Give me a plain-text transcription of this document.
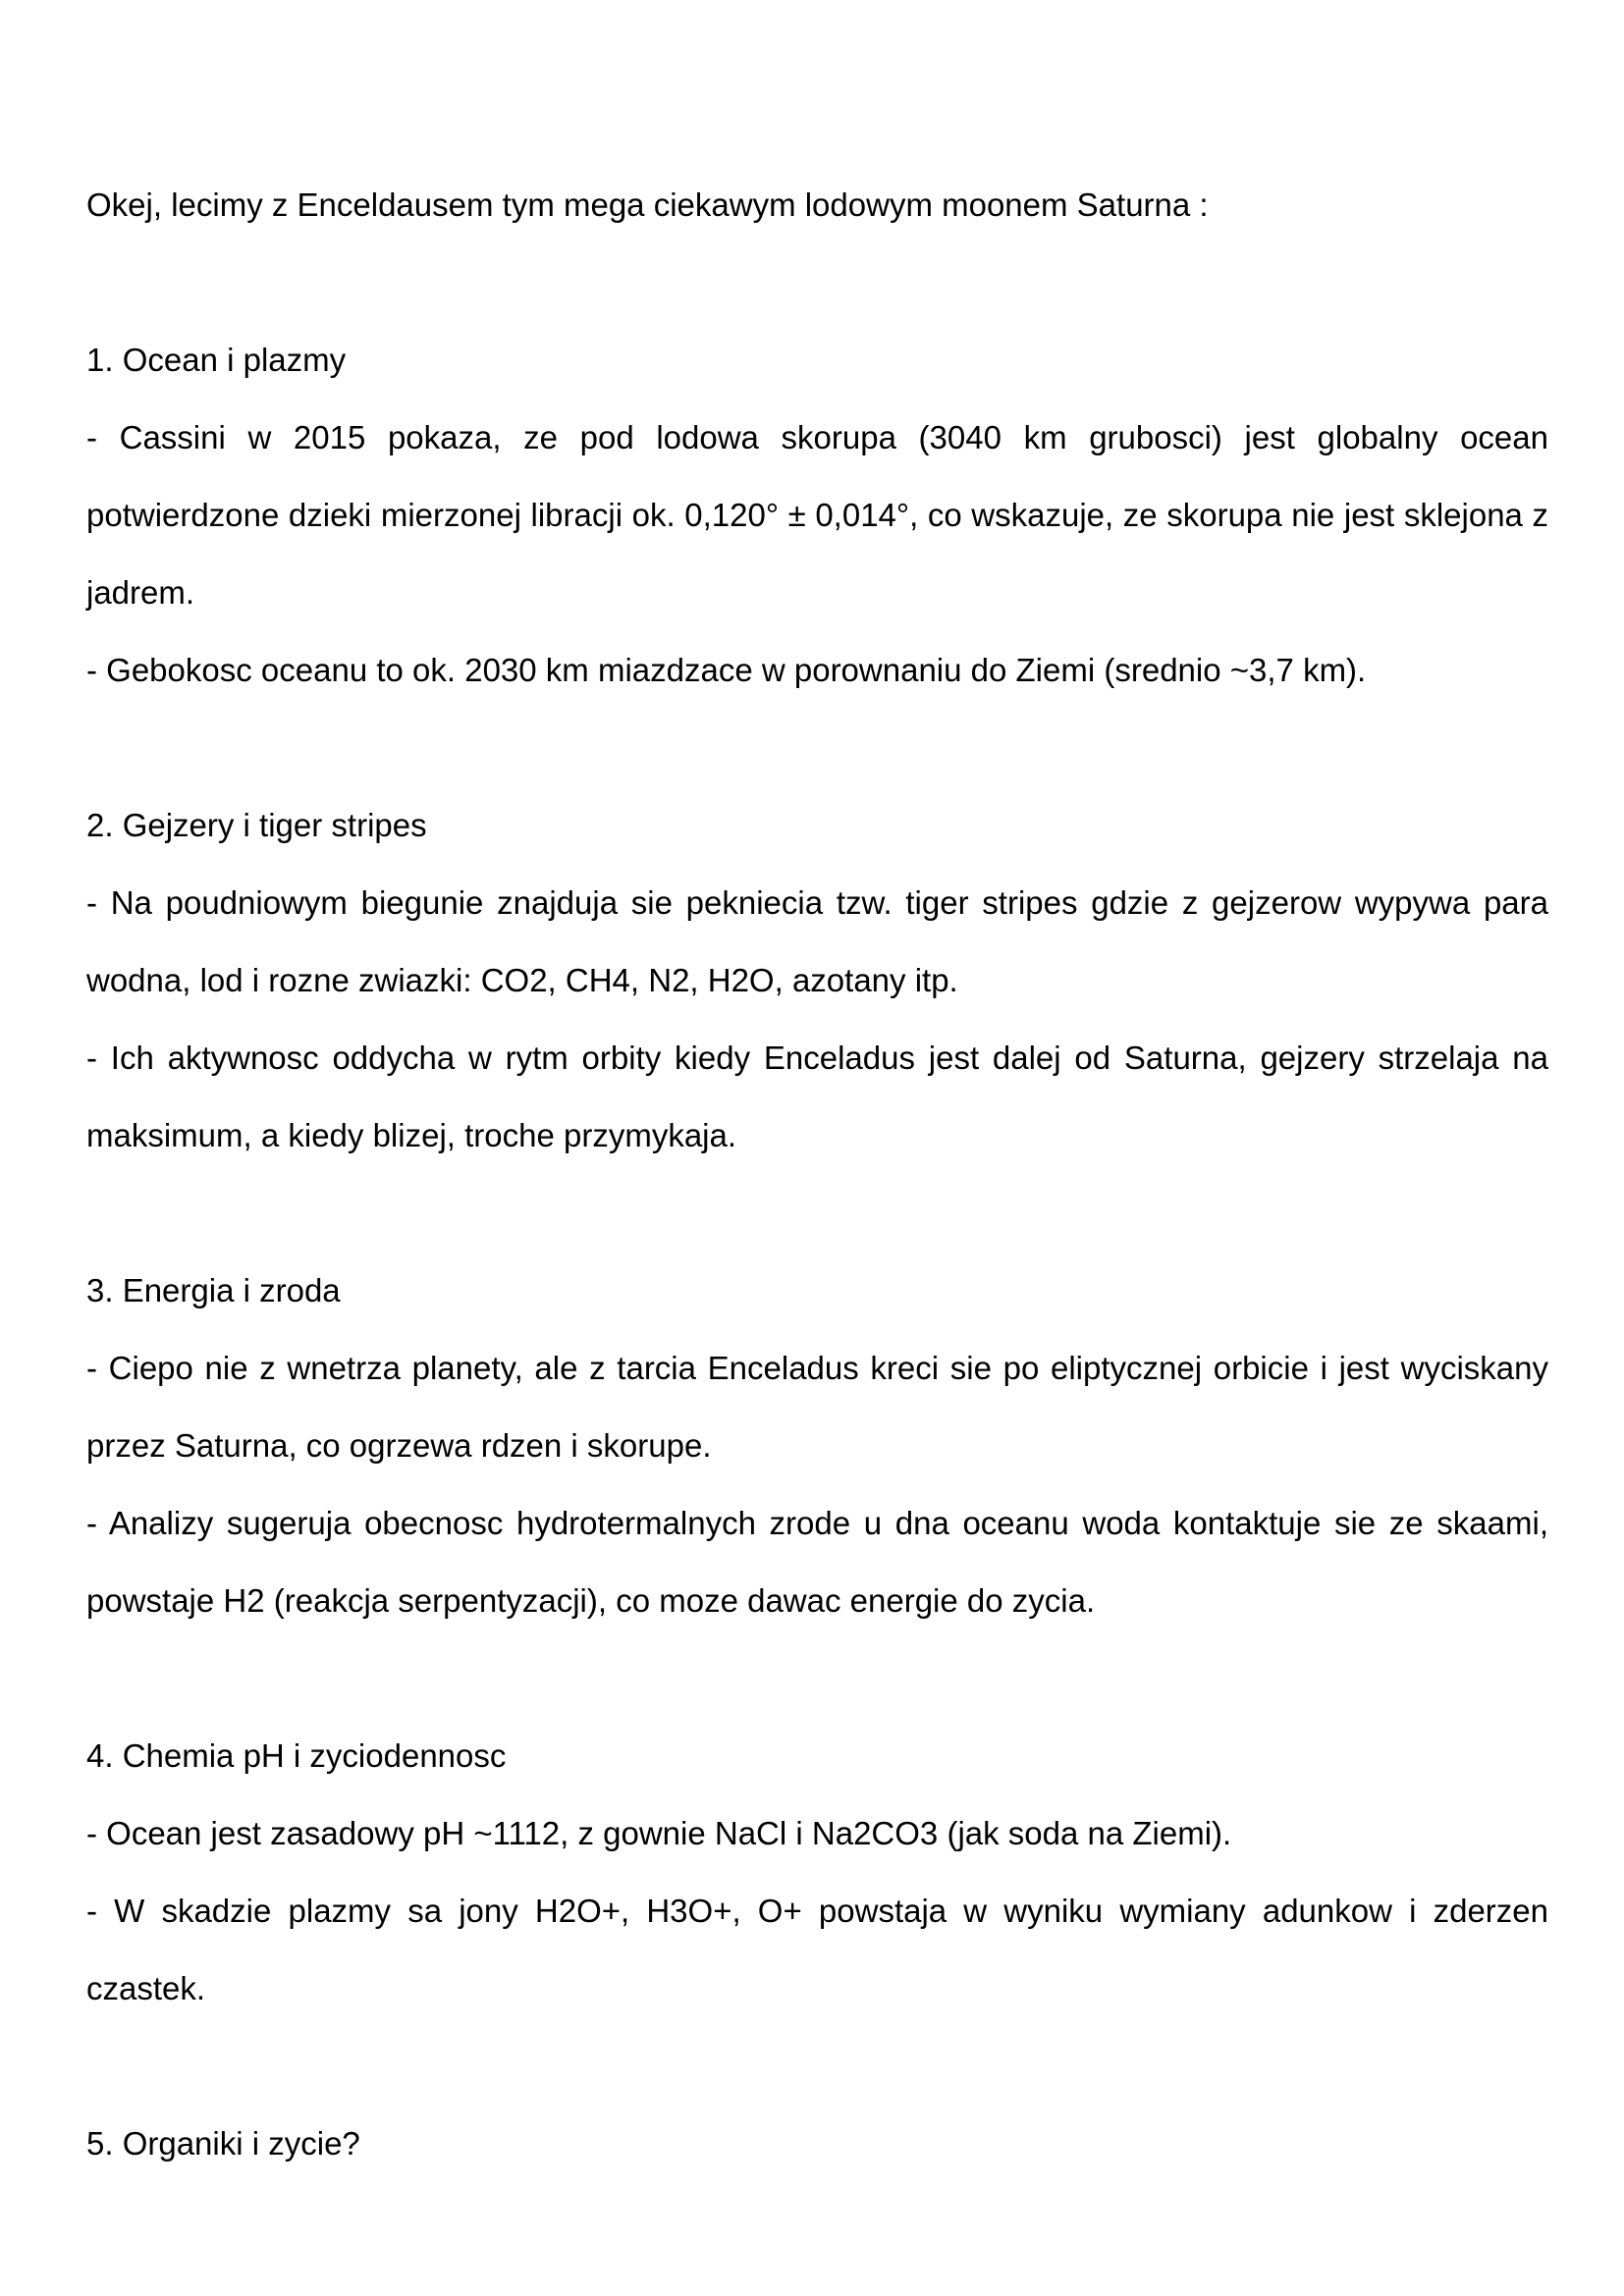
Okej, lecimy z Enceldausem tym mega ciekawym lodowym moonem Saturna :

1. Ocean i plazmy

- Cassini w 2015 pokaza, ze pod lodowa skorupa (3040 km grubosci) jest globalny ocean potwierdzone dzieki mierzonej libracji ok. 0,120° ± 0,014°, co wskazuje, ze skorupa nie jest sklejona z jadrem.

- Gebokosc oceanu to ok. 2030 km miazdzace w porownaniu do Ziemi (srednio ~3,7 km).

2. Gejzery i tiger stripes

- Na poudniowym biegunie znajduja sie pekniecia tzw. tiger stripes gdzie z gejzerow wypywa para wodna, lod i rozne zwiazki: CO2, CH4, N2, H2O, azotany itp.

- Ich aktywnosc oddycha w rytm orbity kiedy Enceladus jest dalej od Saturna, gejzery strzelaja na maksimum, a kiedy blizej, troche przymykaja.

3. Energia i zroda

- Ciepo nie z wnetrza planety, ale z tarcia Enceladus kreci sie po eliptycznej orbicie i jest wyciskany przez Saturna, co ogrzewa rdzen i skorupe.

- Analizy sugeruja obecnosc hydrotermalnych zrode u dna oceanu woda kontaktuje sie ze skaami, powstaje H2 (reakcja serpentyzacji), co moze dawac energie do zycia.

4. Chemia pH i zyciodennosc

- Ocean jest zasadowy pH ~1112, z gownie NaCl i Na2CO3 (jak soda na Ziemi).

- W skadzie plazmy sa jony H2O+, H3O+, O+ powstaja w wyniku wymiany adunkow i zderzen czastek.

5. Organiki i zycie?
